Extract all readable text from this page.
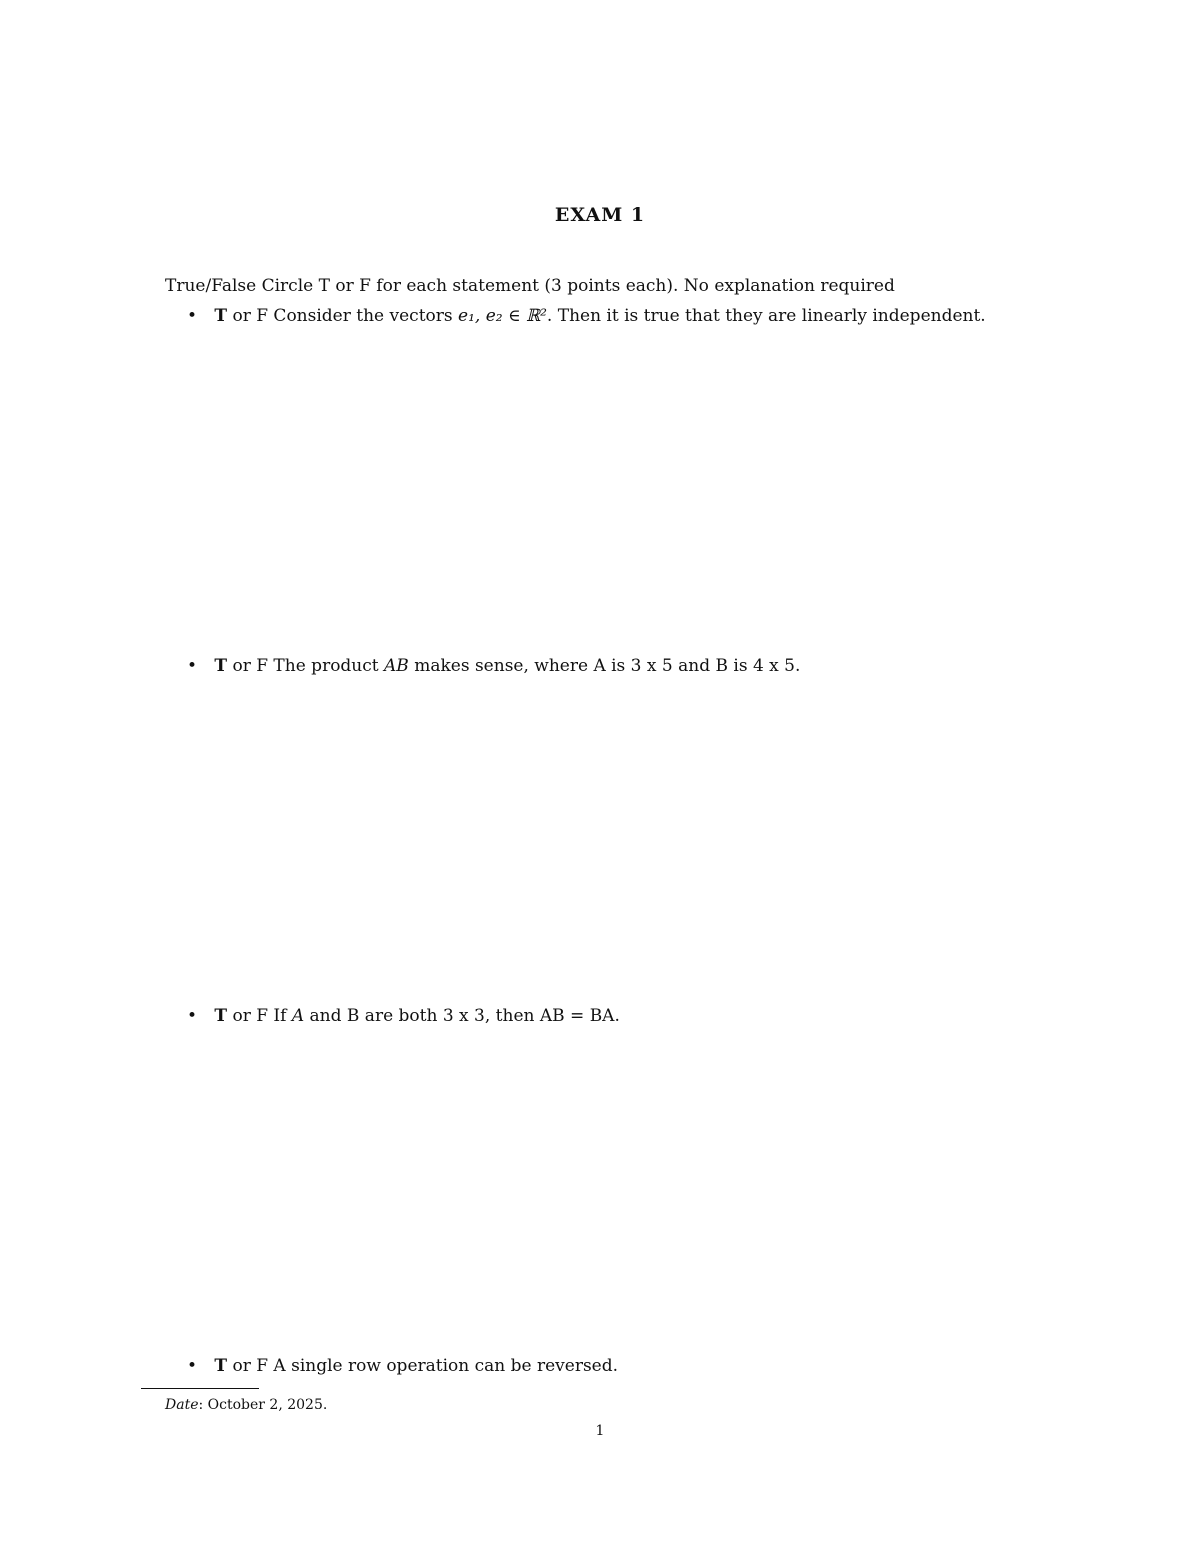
EXAM 1
True/False Circle T or F for each statement (3 points each). No explanation required
• T or F Consider the vectors e₁, e₂ ∈ ℝ². Then it is true that they are linearly independent.
• T or F The product AB makes sense, where A is 3 x 5 and B is 4 x 5.
• T or F If A and B are both 3 x 3, then AB = BA.
• T or F A single row operation can be reversed.
Date: October 2, 2025.
1
